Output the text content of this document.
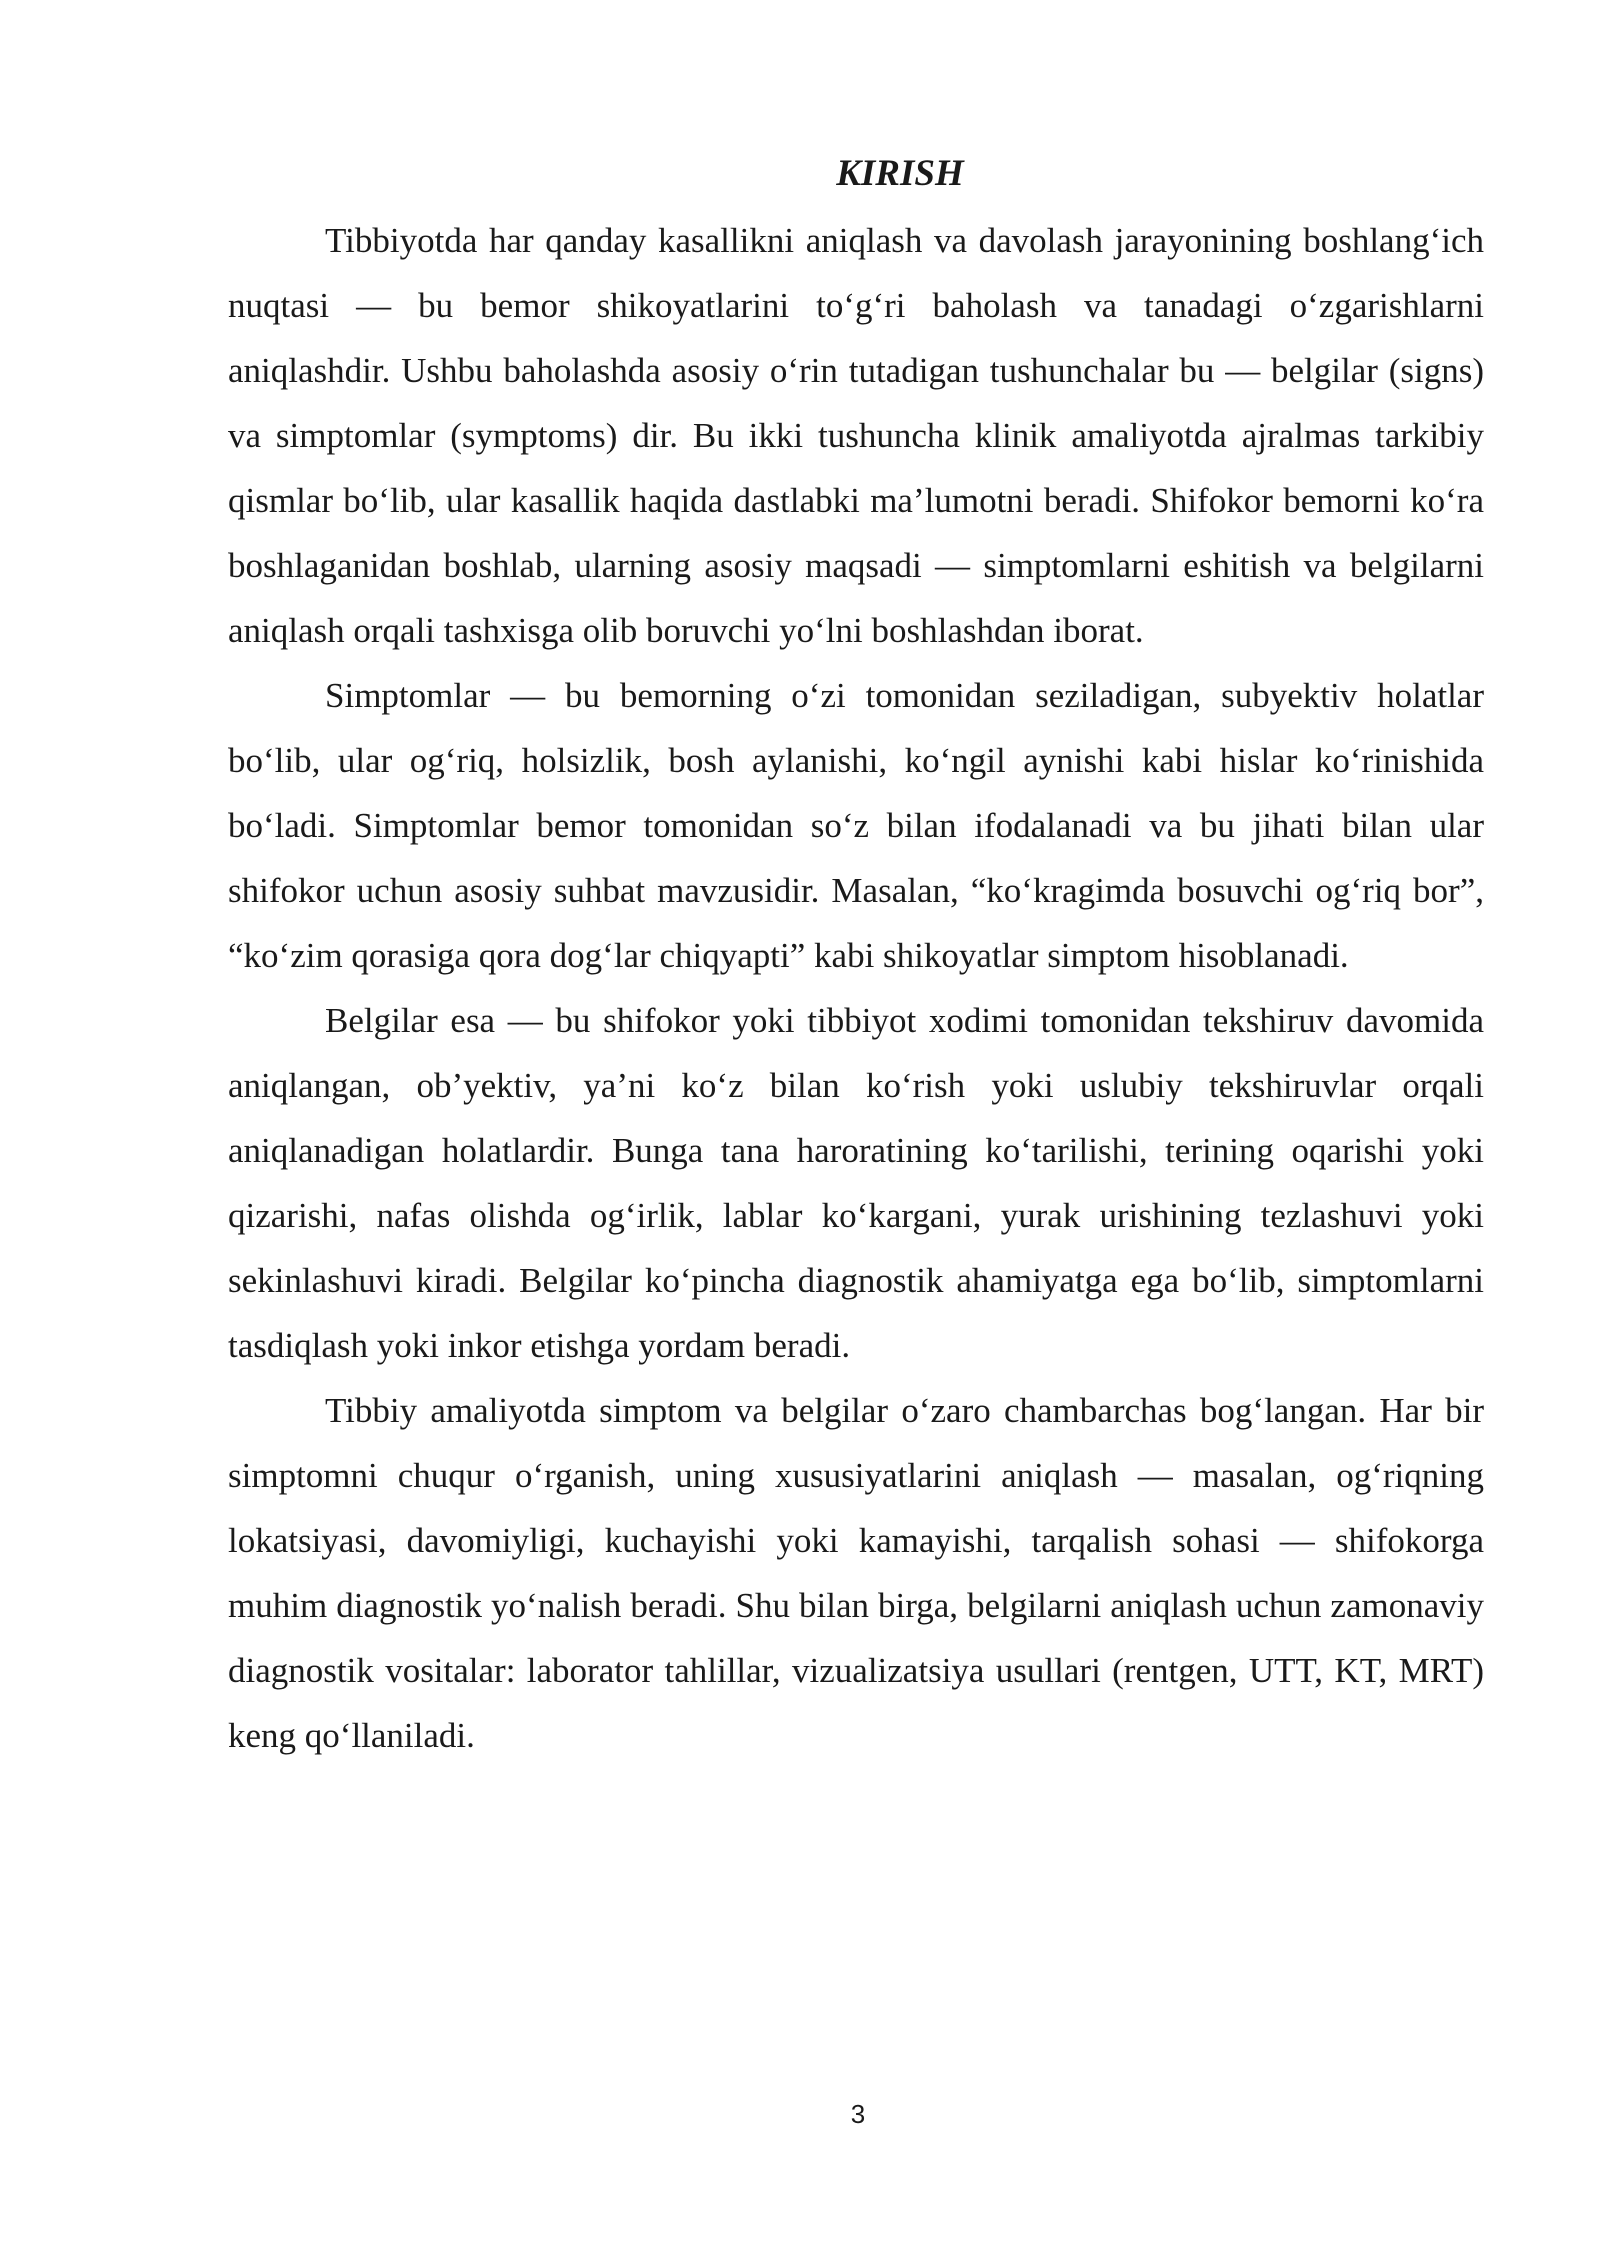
KIRISH

Tibbiyotda har qanday kasallikni aniqlash va davolash jarayonining boshlang‘ich nuqtasi — bu bemor shikoyatlarini to‘g‘ri baholash va tanadagi o‘zgarishlarni aniqlashdir. Ushbu baholashda asosiy o‘rin tutadigan tushunchalar bu — belgilar (signs) va simptomlar (symptoms) dir. Bu ikki tushuncha klinik amaliyotda ajralmas tarkibiy qismlar bo‘lib, ular kasallik haqida dastlabki ma’lumotni beradi. Shifokor bemorni ko‘ra boshlaganidan boshlab, ularning asosiy maqsadi — simptomlarni eshitish va belgilarni aniqlash orqali tashxisga olib boruvchi yo‘lni boshlashdan iborat.

Simptomlar — bu bemorning o‘zi tomonidan seziladigan, subyektiv holatlar bo‘lib, ular og‘riq, holsizlik, bosh aylanishi, ko‘ngil aynishi kabi hislar ko‘rinishida bo‘ladi. Simptomlar bemor tomonidan so‘z bilan ifodalanadi va bu jihati bilan ular shifokor uchun asosiy suhbat mavzusidir. Masalan, “ko‘kragimda bosuvchi og‘riq bor”, “ko‘zim qorasiga qora dog‘lar chiqyapti” kabi shikoyatlar simptom hisoblanadi.

Belgilar esa — bu shifokor yoki tibbiyot xodimi tomonidan tekshiruv davomida aniqlangan, ob’yektiv, ya’ni ko‘z bilan ko‘rish yoki uslubiy tekshiruvlar orqali aniqlanadigan holatlardir. Bunga tana haroratining ko‘tarilishi, terining oqarishi yoki qizarishi, nafas olishda og‘irlik, lablar ko‘kargani, yurak urishining tezlashuvi yoki sekinlashuvi kiradi. Belgilar ko‘pincha diagnostik ahamiyatga ega bo‘lib, simptomlarni tasdiqlash yoki inkor etishga yordam beradi.

Tibbiy amaliyotda simptom va belgilar o‘zaro chambarchas bog‘langan. Har bir simptomni chuqur o‘rganish, uning xususiyatlarini aniqlash — masalan, og‘riqning lokatsiyasi, davomiyligi, kuchayishi yoki kamayishi, tarqalish sohasi — shifokorga muhim diagnostik yo‘nalish beradi. Shu bilan birga, belgilarni aniqlash uchun zamonaviy diagnostik vositalar: laborator tahlillar, vizualizatsiya usullari (rentgen, UTT, KT, MRT) keng qo‘llaniladi.

3
